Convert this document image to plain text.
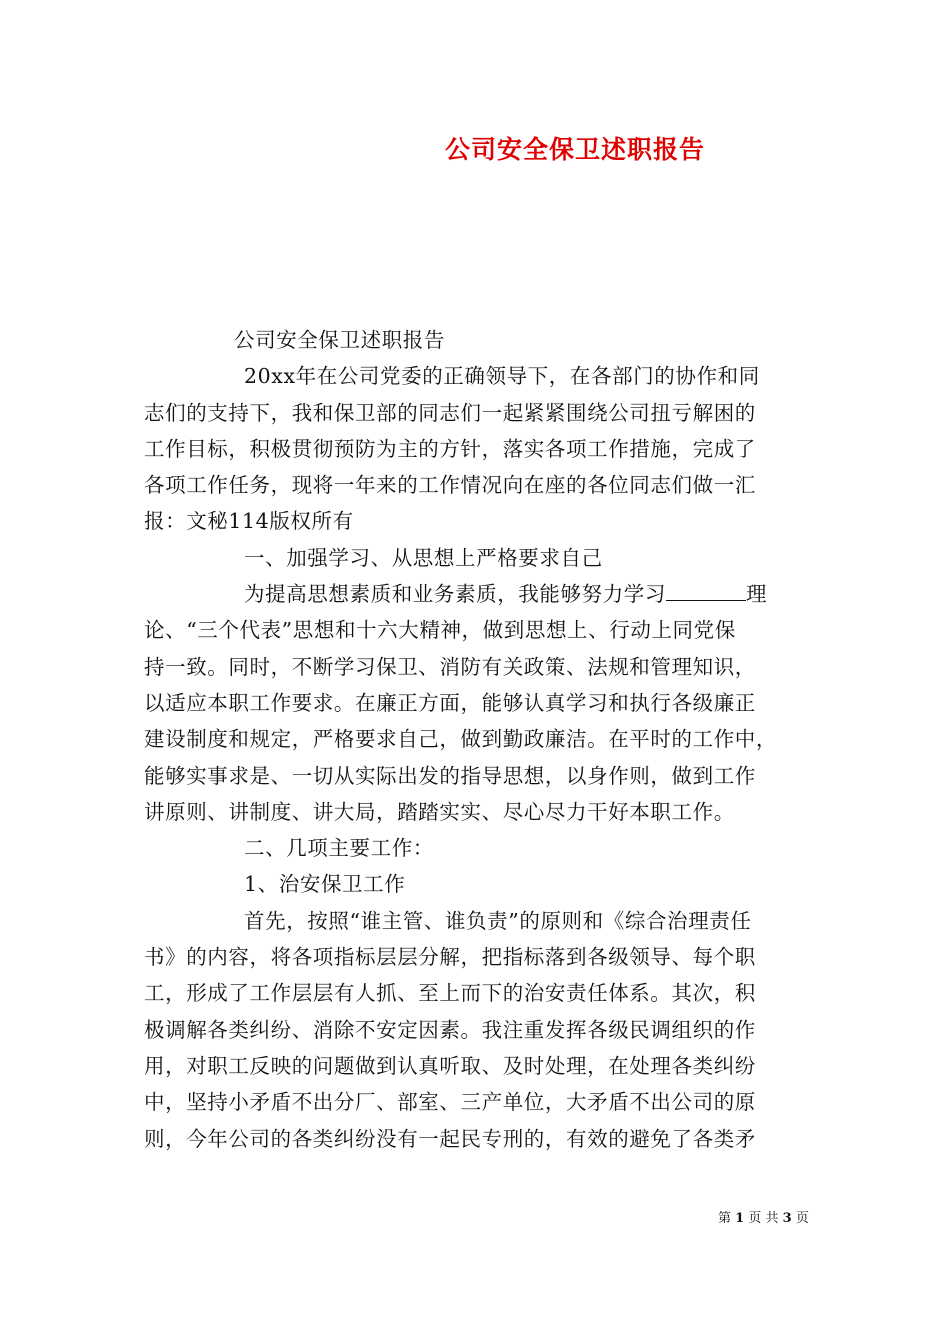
公司安全保卫述职报告
公司安全保卫述职报告
20xx年在公司党委的正确领导下，在各部门的协作和同
志们的支持下，我和保卫部的同志们一起紧紧围绕公司扭亏解困的
工作目标，积极贯彻预防为主的方针，落实各项工作措施，完成了
各项工作任务，现将一年来的工作情况向在座的各位同志们做一汇
报：文秘114版权所有
一、加强学习、从思想上严格要求自己
为提高思想素质和业务素质，我能够努力学习	理
论、“三个代表”思想和十六大精神，做到思想上、行动上同党保
持一致。同时，不断学习保卫、消防有关政策、法规和管理知识，
以适应本职工作要求。在廉正方面，能够认真学习和执行各级廉正
建设制度和规定，严格要求自己，做到勤政廉洁。在平时的工作中，
能够实事求是、一切从实际出发的指导思想，以身作则，做到工作
讲原则、讲制度、讲大局，踏踏实实、尽心尽力干好本职工作。
二、几项主要工作：
1、治安保卫工作
首先，按照“谁主管、谁负责”的原则和《综合治理责任
书》的内容，将各项指标层层分解，把指标落到各级领导、每个职
工，形成了工作层层有人抓、至上而下的治安责任体系。其次，积
极调解各类纠纷、消除不安定因素。我注重发挥各级民调组织的作
用，对职工反映的问题做到认真听取、及时处理，在处理各类纠纷
中，坚持小矛盾不出分厂、部室、三产单位，大矛盾不出公司的原
则，今年公司的各类纠纷没有一起民专刑的，有效的避免了各类矛
第 1 页 共 3 页
